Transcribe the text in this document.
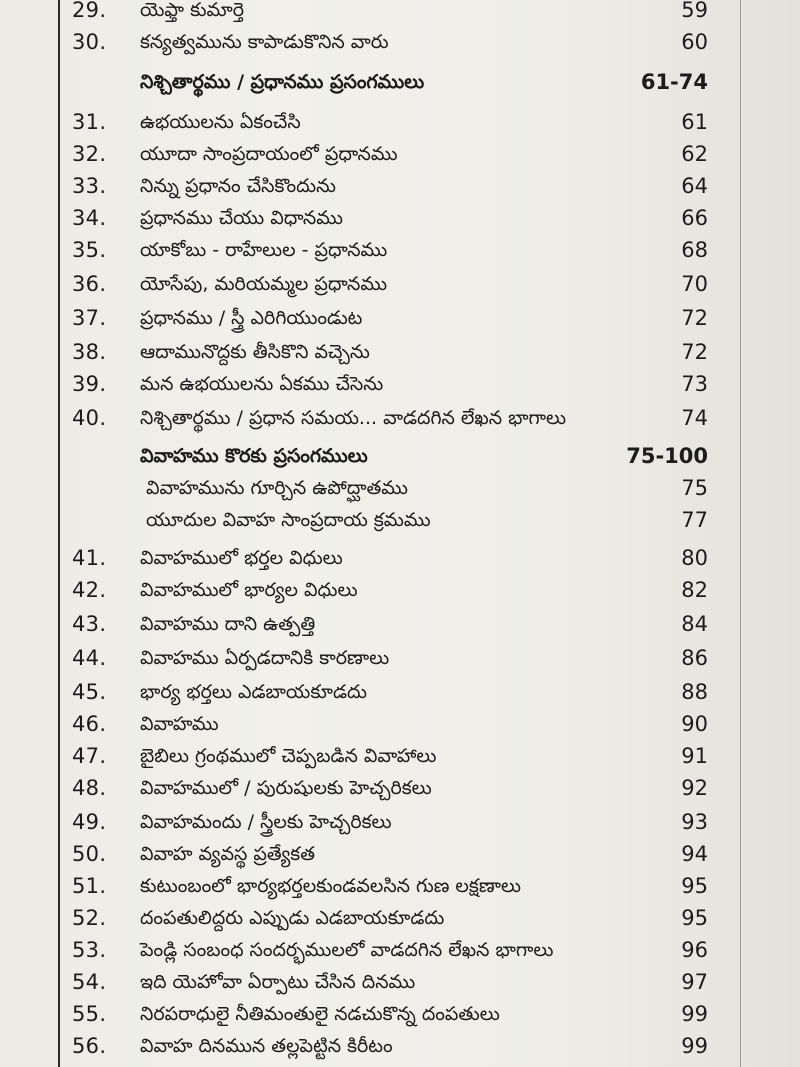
29.	యెఫ్తా కుమార్తె	59
30.	కన్యత్వమును కాపాడుకొనిన వారు	60
నిశ్చితార్థము / ప్రధానము ప్రసంగములు	61-74
31.	ఉభయులను ఏకంచేసి	61
32.	యూదా సాంప్రదాయంలో ప్రధానము	62
33.	నిన్ను ప్రధానం చేసికొందును	64
34.	ప్రధానము చేయు విధానము	66
35.	యాకోబు - రాహేలుల - ప్రధానము	68
36.	యోసేపు, మరియమ్మల ప్రధానము	70
37.	ప్రధానము / స్త్రీ ఎరిగియుండుట	72
38.	ఆదామునొద్దకు తీసికొని వచ్చెను	72
39.	మన ఉభయులను ఏకము చేసెను	73
40.	నిశ్చితార్థము / ప్రధాన సమయ... వాడదగిన లేఖన భాగాలు	74
వివాహము కొరకు ప్రసంగములు	75-100
వివాహమును గూర్చిన ఉపోద్ఘాతము	75
యూదుల వివాహ సాంప్రదాయ క్రమము	77
41.	వివాహములో భర్తల విధులు	80
42.	వివాహములో భార్యల విధులు	82
43.	వివాహము దాని ఉత్పత్తి	84
44.	వివాహము ఏర్పడదానికి కారణాలు	86
45.	భార్య భర్తలు ఎడబాయకూడదు	88
46.	వివాహము	90
47.	బైబిలు గ్రంథములో చెప్పబడిన వివాహాలు	91
48.	వివాహములో / పురుషులకు హెచ్చరికలు	92
49.	వివాహమందు / స్త్రీలకు హెచ్చరికలు	93
50.	వివాహ వ్యవస్థ ప్రత్యేకత	94
51.	కుటుంబంలో భార్యభర్తలకుండవలసిన గుణ లక్షణాలు	95
52.	దంపతులిద్దరు ఎప్పుడు ఎడబాయకూడదు	95
53.	పెండ్లి సంబంధ సందర్భములలో వాడదగిన లేఖన భాగాలు	96
54.	ఇది యెహోవా ఏర్పాటు చేసిన దినము	97
55.	నిరపరాధులై నీతిమంతులై నడచుకొన్న దంపతులు	99
56.	వివాహ దినమున తల్లపెట్టిన కిరీటం	99
